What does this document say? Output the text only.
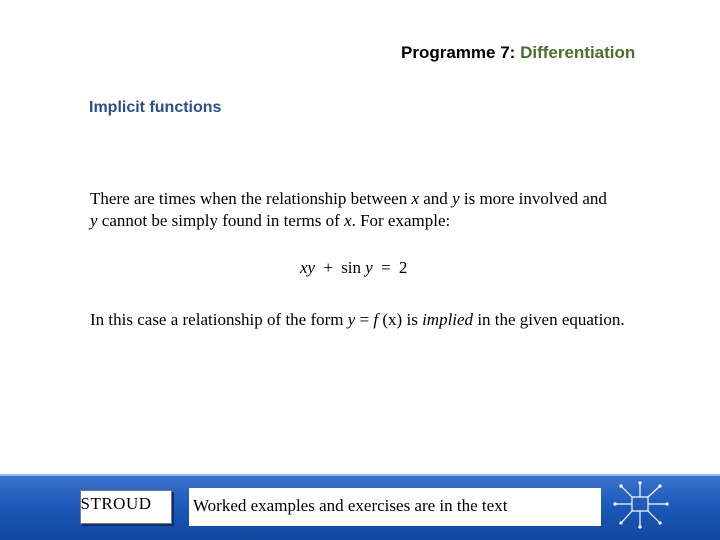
Programme 7: Differentiation
Implicit functions
There are times when the relationship between x and y is more involved and
y cannot be simply found in terms of x. For example:
xy + sin y = 2
In this case a relationship of the form y = f (x) is implied in the given equation.
STROUD Worked examples and exercises are in the text
